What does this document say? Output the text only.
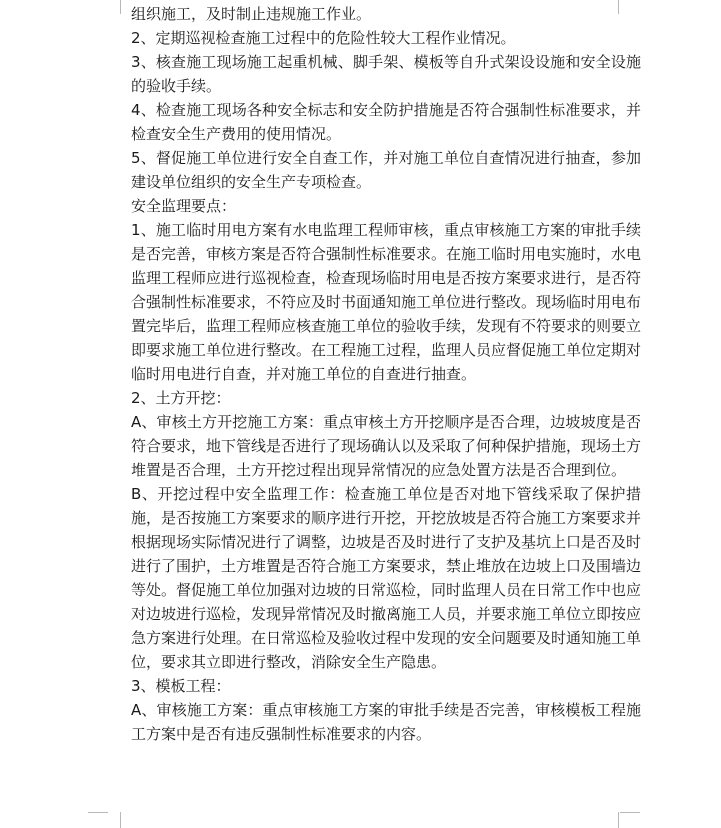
组织施工，及时制止违规施工作业。

2、定期巡视检查施工过程中的危险性较大工程作业情况。

3、核查施工现场施工起重机械、脚手架、模板等自升式架设设施和安全设施的验收手续。

4、检查施工现场各种安全标志和安全防护措施是否符合强制性标准要求，并检查安全生产费用的使用情况。

5、督促施工单位进行安全自查工作，并对施工单位自查情况进行抽查，参加建设单位组织的安全生产专项检查。

安全监理要点：

1、施工临时用电方案有水电监理工程师审核，重点审核施工方案的审批手续是否完善，审核方案是否符合强制性标准要求。在施工临时用电实施时，水电监理工程师应进行巡视检查，检查现场临时用电是否按方案要求进行，是否符合强制性标准要求，不符应及时书面通知施工单位进行整改。现场临时用电布置完毕后，监理工程师应核查施工单位的验收手续，发现有不符要求的则要立即要求施工单位进行整改。在工程施工过程，监理人员应督促施工单位定期对临时用电进行自查，并对施工单位的自查进行抽查。

2、土方开挖：

A、审核土方开挖施工方案：重点审核土方开挖顺序是否合理，边坡坡度是否符合要求，地下管线是否进行了现场确认以及采取了何种保护措施，现场土方堆置是否合理，土方开挖过程出现异常情况的应急处置方法是否合理到位。

B、开挖过程中安全监理工作：检查施工单位是否对地下管线采取了保护措施，是否按施工方案要求的顺序进行开挖，开挖放坡是否符合施工方案要求并根据现场实际情况进行了调整，边坡是否及时进行了支护及基坑上口是否及时进行了围护，土方堆置是否符合施工方案要求，禁止堆放在边坡上口及围墙边等处。督促施工单位加强对边坡的日常巡检，同时监理人员在日常工作中也应对边坡进行巡检，发现异常情况及时撤离施工人员，并要求施工单位立即按应急方案进行处理。在日常巡检及验收过程中发现的安全问题要及时通知施工单位，要求其立即进行整改，消除安全生产隐患。

3、模板工程：

A、审核施工方案：重点审核施工方案的审批手续是否完善，审核模板工程施工方案中是否有违反强制性标准要求的内容。
